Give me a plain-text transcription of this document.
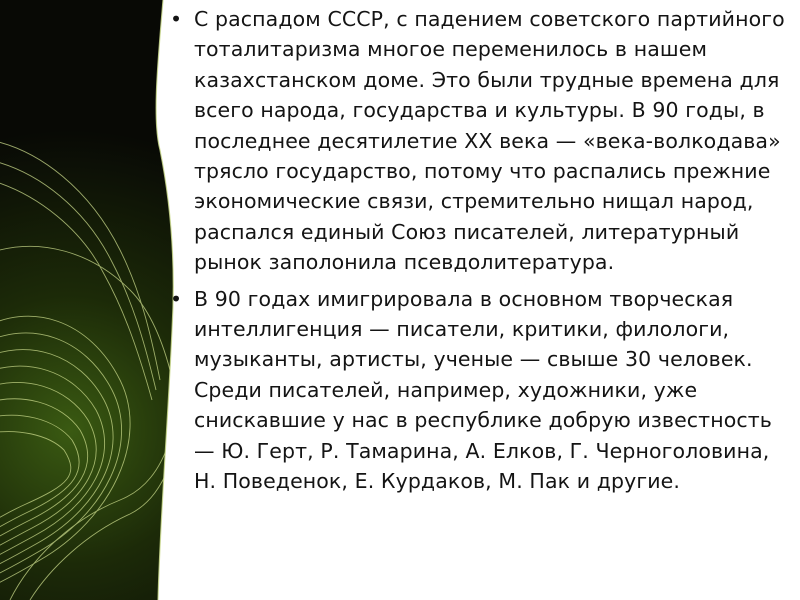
• С распадом СССР, с падением советского партийного тоталитаризма многое переменилось в нашем казахстанском доме. Это были трудные времена для всего народа, государства и культуры. В 90 годы, в последнее десятилетие XX века — «века-волкодава» трясло государство, потому что распались прежние экономические связи, стремительно нищал народ, распался единый Союз писателей, литературный рынок заполонила псевдолитература.
• В 90 годах имигрировала в основном творческая интеллигенция — писатели, критики, филологи, музыканты, артисты, ученые — свыше 30 человек. Среди писателей, например, художники, уже снискавшие у нас в республике добрую известность — Ю. Герт, Р. Тамарина, А. Елков, Г. Черноголовина, Н. Поведенок, Е. Курдаков, М. Пак и другие.
